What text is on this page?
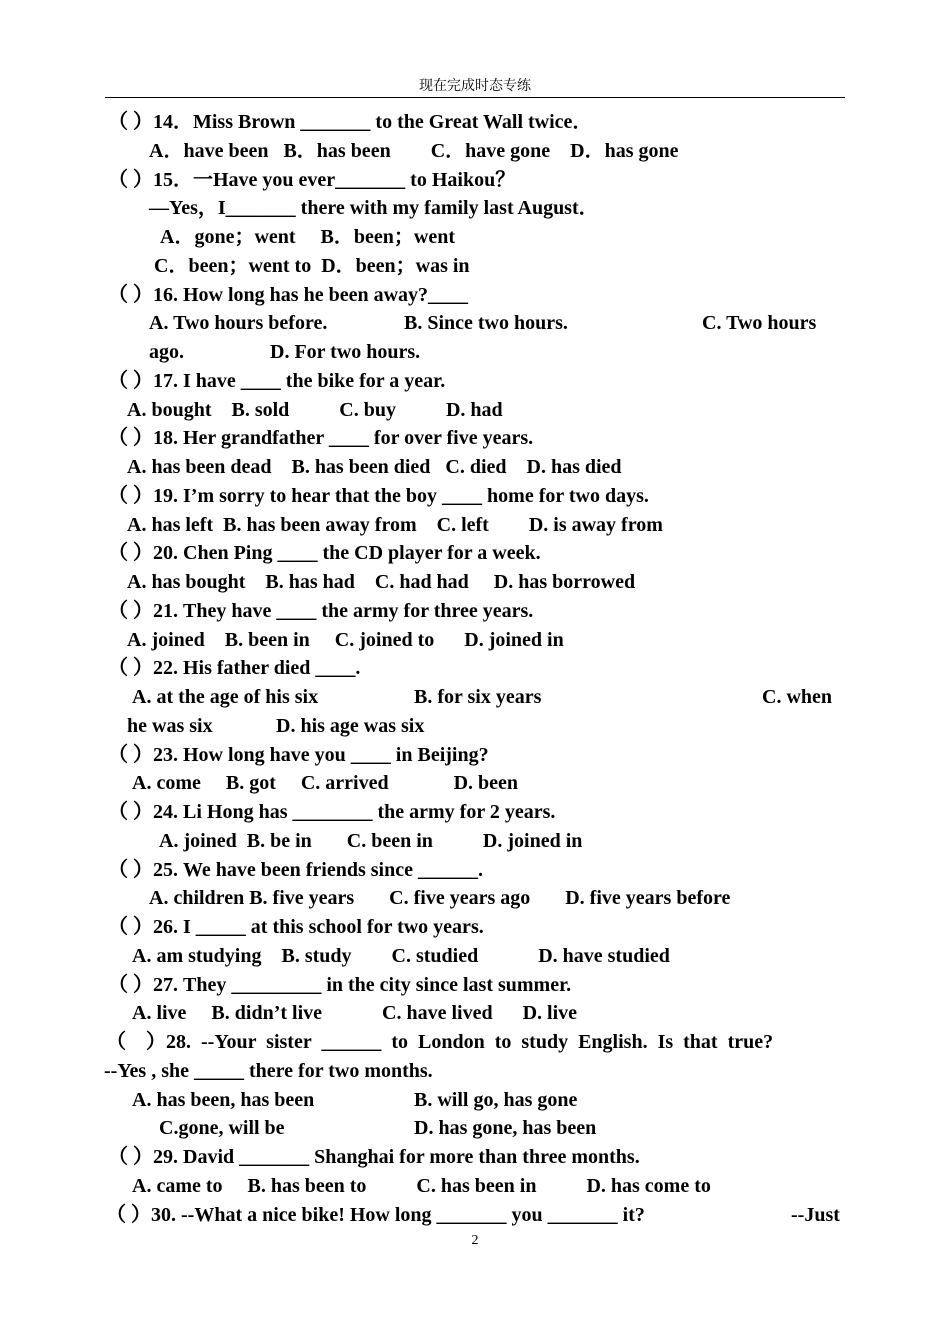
现在完成时态专练
（ ）14．Miss Brown _______ to the Great Wall twice．
A．have been   B．has been        C．have gone    D．has gone
（ ）15．一Have you ever_______ to Haikou？
—Yes，I_______ there with my family last August．
A．gone；went     B．been；went
C．been；went to  D．been；was in
（ ）16. How long has he been away?____
A. Two hours before.	B. Since two hours.	C. Two hours
ago.	D. For two hours.
（ ）17. I have ____ the bike for a year.
A. bought    B. sold          C. buy          D. had
（ ）18. Her grandfather ____ for over five years.
A. has been dead    B. has been died   C. died    D. has died
（ ）19. I’m sorry to hear that the boy ____ home for two days.
A. has left  B. has been away from    C. left        D. is away from
（ ）20. Chen Ping ____ the CD player for a week.
A. has bought    B. has had    C. had had     D. has borrowed
（ ）21. They have ____ the army for three years.
A. joined    B. been in     C. joined to      D. joined in
（ ）22. His father died ____.
A. at the age of his six	B. for six years	C. when
he was six	D. his age was six
（ ）23. How long have you ____ in Beijing?
A. come     B. got     C. arrived             D. been
（ ）24. Li Hong has ________ the army for 2 years.
A. joined  B. be in       C. been in          D. joined in
（ ）25. We have been friends since ______.
A. children B. five years       C. five years ago       D. five years before
（ ）26. I _____ at this school for two years.
A. am studying    B. study        C. studied            D. have studied
（ ）27. They _________ in the city since last summer.
A. live     B. didn’t live            C. have lived      D. live
（    ）28.  --Your  sister  ______  to  London  to  study  English.  Is  that  true?
--Yes , she _____ there for two months.
A. has been, has been	B. will go, has gone
C.gone, will be	D. has gone, has been
（ ）29. David _______ Shanghai for more than three months.
A. came to     B. has been to          C. has been in          D. has come to
（ ）30. --What a nice bike! How long _______ you _______ it?	--Just
2
